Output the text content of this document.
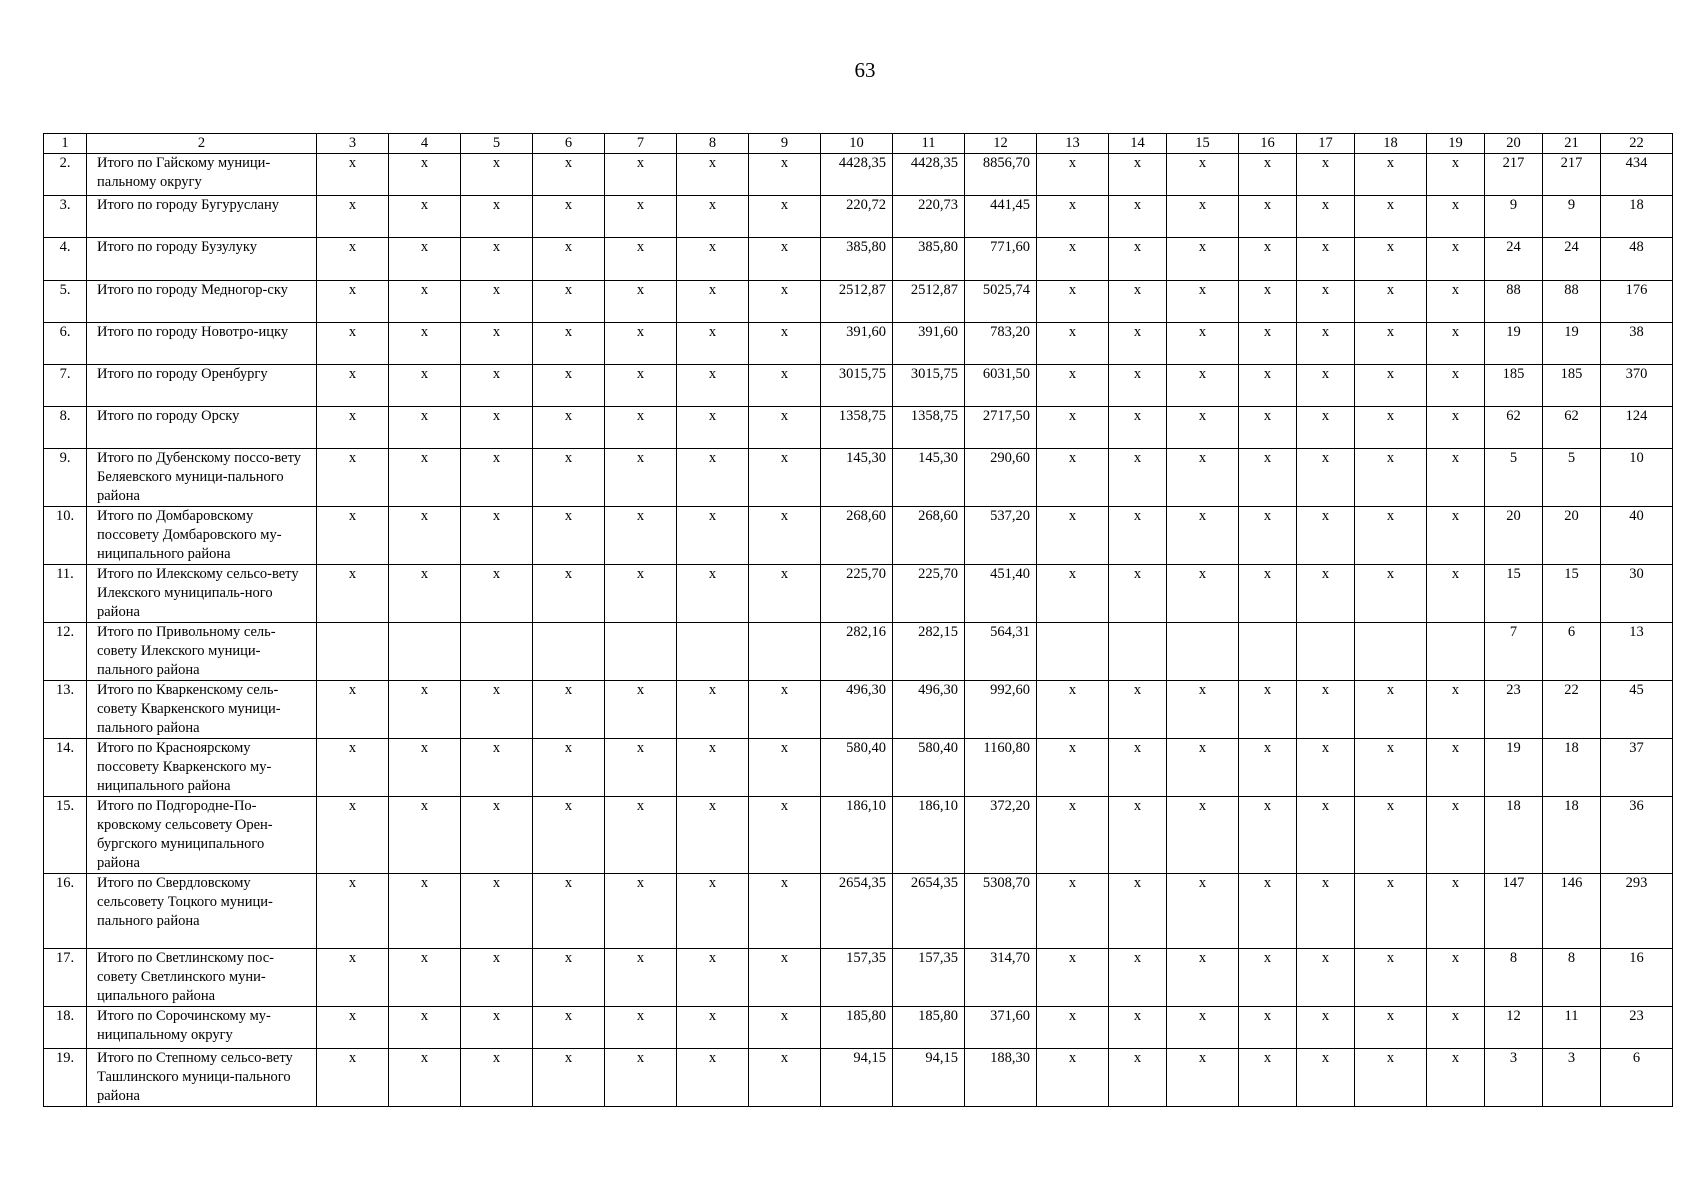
63
1	2	3	4	5	6	7	8	9	10	11	12	13	14	15	16	17	18	19	20	21	22
2.	Итого по Гайскому муници-пальному округу	x	x	x	x	x	x	x	4428,35	4428,35	8856,70	x	x	x	x	x	x	x	217	217	434
3.	Итого по городу Бугуруслану	x	x	x	x	x	x	x	220,72	220,73	441,45	x	x	x	x	x	x	x	9	9	18
4.	Итого по городу Бузулуку	x	x	x	x	x	x	x	385,80	385,80	771,60	x	x	x	x	x	x	x	24	24	48
5.	Итого по городу Медногор-ску	x	x	x	x	x	x	x	2512,87	2512,87	5025,74	x	x	x	x	x	x	x	88	88	176
6.	Итого по городу Новотро-ицку	x	x	x	x	x	x	x	391,60	391,60	783,20	x	x	x	x	x	x	x	19	19	38
7.	Итого по городу Оренбургу	x	x	x	x	x	x	x	3015,75	3015,75	6031,50	x	x	x	x	x	x	x	185	185	370
8.	Итого по городу Орску	x	x	x	x	x	x	x	1358,75	1358,75	2717,50	x	x	x	x	x	x	x	62	62	124
9.	Итого по Дубенскому поссо-вету Беляевского муници-пального района	x	x	x	x	x	x	x	145,30	145,30	290,60	x	x	x	x	x	x	x	5	5	10
10.	Итого по Домбаровскому поссовету Домбаровского му-ниципального района	x	x	x	x	x	x	x	268,60	268,60	537,20	x	x	x	x	x	x	x	20	20	40
11.	Итого по Илекскому сельсо-вету Илекского муниципаль-ного района	x	x	x	x	x	x	x	225,70	225,70	451,40	x	x	x	x	x	x	x	15	15	30
12.	Итого по Привольному сель-совету Илекского муници-пального района								282,16	282,15	564,31								7	6	13
13.	Итого по Кваркенскому сель-совету Кваркенского муници-пального района	x	x	x	x	x	x	x	496,30	496,30	992,60	x	x	x	x	x	x	x	23	22	45
14.	Итого по Красноярскому поссовету Кваркенского му-ниципального района	x	x	x	x	x	x	x	580,40	580,40	1160,80	x	x	x	x	x	x	x	19	18	37
15.	Итого по Подгородне-По-кровскому сельсовету Орен-бургского муниципального района	x	x	x	x	x	x	x	186,10	186,10	372,20	x	x	x	x	x	x	x	18	18	36
16.	Итого по Свердловскому сельсовету Тоцкого муници-пального района	x	x	x	x	x	x	x	2654,35	2654,35	5308,70	x	x	x	x	x	x	x	147	146	293
17.	Итого по Светлинскому пос-совету Светлинского муни-ципального района	x	x	x	x	x	x	x	157,35	157,35	314,70	x	x	x	x	x	x	x	8	8	16
18.	Итого по Сорочинскому му-ниципальному округу	x	x	x	x	x	x	x	185,80	185,80	371,60	x	x	x	x	x	x	x	12	11	23
19.	Итого по Степному сельсо-вету Ташлинского муници-пального района	x	x	x	x	x	x	x	94,15	94,15	188,30	x	x	x	x	x	x	x	3	3	6
